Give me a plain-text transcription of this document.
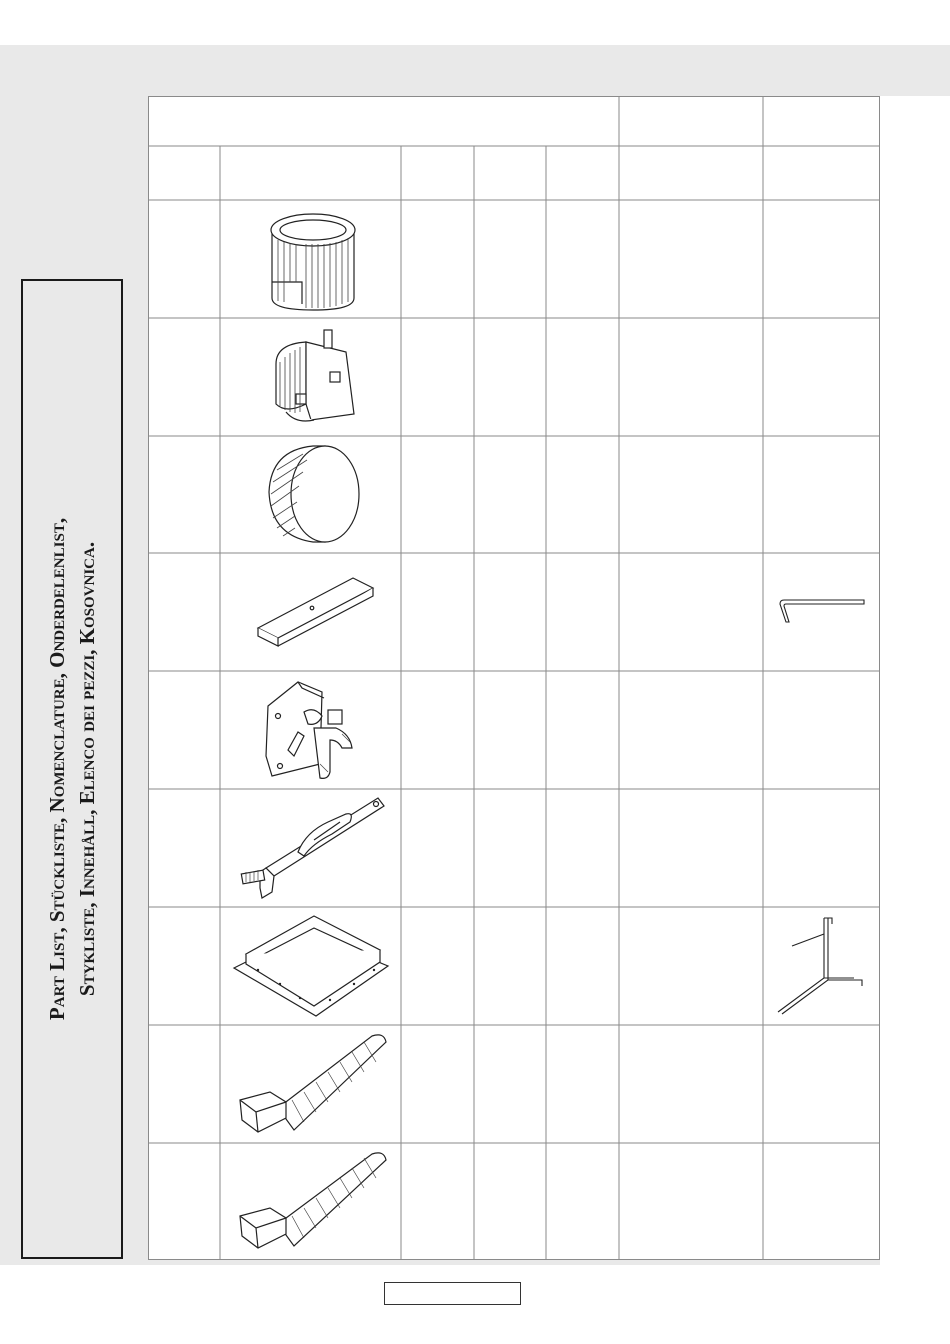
Part List, Stückliste, Nomenclature, Onderdelenlist, Stykliste, Innehåll, Elenco dei pezzi, Kosovnica.
